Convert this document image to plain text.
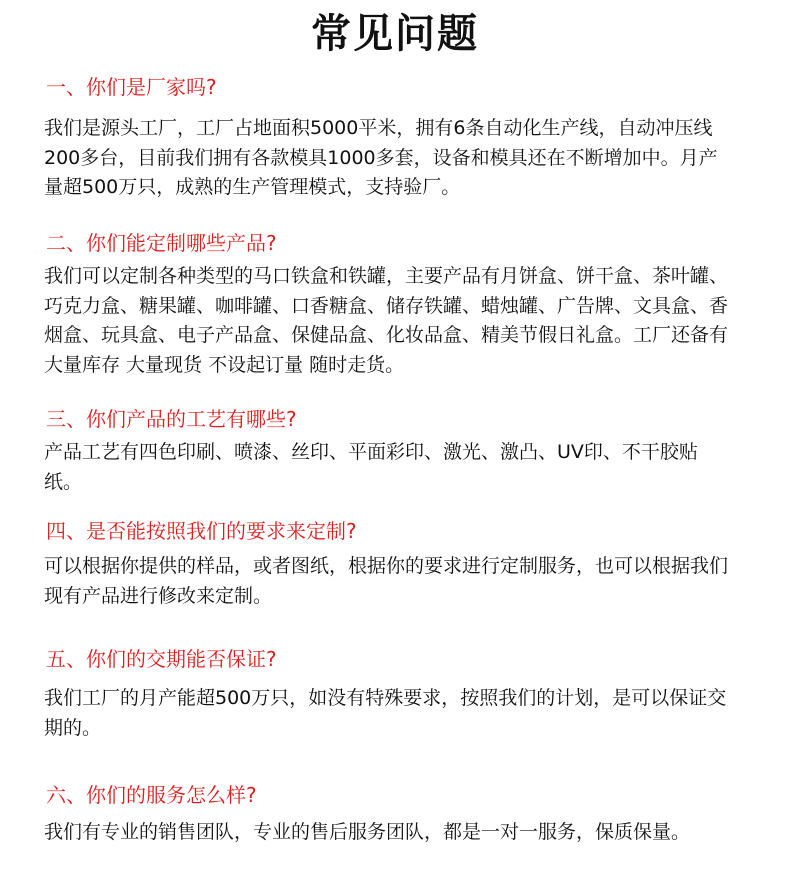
常见问题
一、你们是厂家吗?
我们是源头工厂，工厂占地面积5000平米，拥有6条自动化生产线，自动冲压线200多台，目前我们拥有各款模具1000多套，设备和模具还在不断增加中。月产量超500万只，成熟的生产管理模式，支持验厂。
二、你们能定制哪些产品?
我们可以定制各种类型的马口铁盒和铁罐，主要产品有月饼盒、饼干盒、茶叶罐、巧克力盒、糖果罐、咖啡罐、口香糖盒、储存铁罐、蜡烛罐、广告牌、文具盒、香烟盒、玩具盒、电子产品盒、保健品盒、化妆品盒、精美节假日礼盒。工厂还备有大量库存 大量现货 不设起订量 随时走货。
三、你们产品的工艺有哪些?
产品工艺有四色印刷、喷漆、丝印、平面彩印、激光、激凸、UV印、不干胶贴纸。
四、是否能按照我们的要求来定制?
可以根据你提供的样品，或者图纸，根据你的要求进行定制服务，也可以根据我们现有产品进行修改来定制。
五、你们的交期能否保证?
我们工厂的月产能超500万只，如没有特殊要求，按照我们的计划，是可以保证交期的。
六、你们的服务怎么样?
我们有专业的销售团队，专业的售后服务团队，都是一对一服务，保质保量。
